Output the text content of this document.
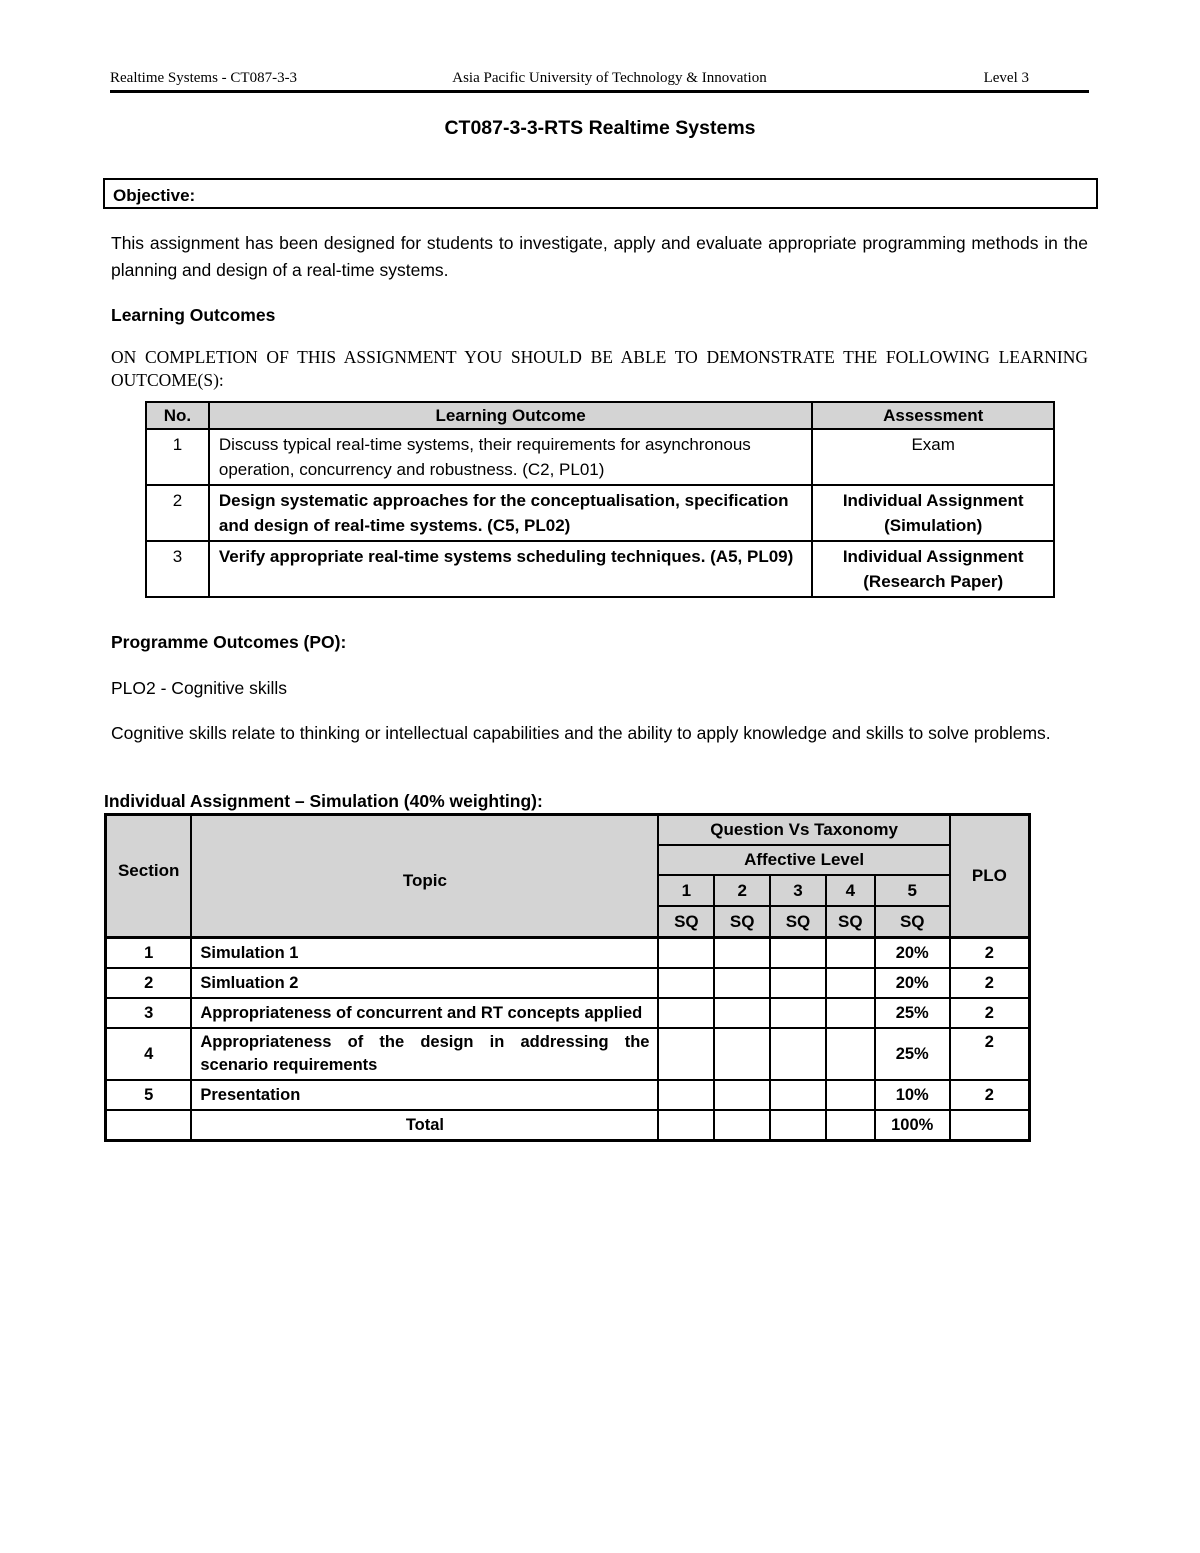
Realtime Systems - CT087-3-3	Asia Pacific University of Technology & Innovation	Level 3
CT087-3-3-RTS Realtime Systems
Objective:
This assignment has been designed for students to investigate, apply and evaluate appropriate programming methods in the planning and design of a real-time systems.
Learning Outcomes
ON COMPLETION OF THIS ASSIGNMENT YOU SHOULD BE ABLE TO DEMONSTRATE THE FOLLOWING LEARNING OUTCOME(S):
No.	Learning Outcome	Assessment
1	Discuss typical real-time systems, their requirements for asynchronous operation, concurrency and robustness. (C2, PL01)	Exam
2	Design systematic approaches for the conceptualisation, specification and design of real-time systems. (C5, PL02)	Individual Assignment (Simulation)
3	Verify appropriate real-time systems scheduling techniques. (A5, PL09)	Individual Assignment (Research Paper)
Programme Outcomes (PO):
PLO2 - Cognitive skills
Cognitive skills relate to thinking or intellectual capabilities and the ability to apply knowledge and skills to solve problems.
Individual Assignment – Simulation (40% weighting):
Section	Topic	Question Vs Taxonomy					PLO
		Affective Level					
		1	2	3	4	5	
		SQ	SQ	SQ	SQ	SQ	
1	Simulation 1					20%	2
2	Simluation 2					20%	2
3	Appropriateness of concurrent and RT concepts applied					25%	2
4	Appropriateness of the design in addressing the scenario requirements					25%	2
5	Presentation					10%	2
	Total					100%	
